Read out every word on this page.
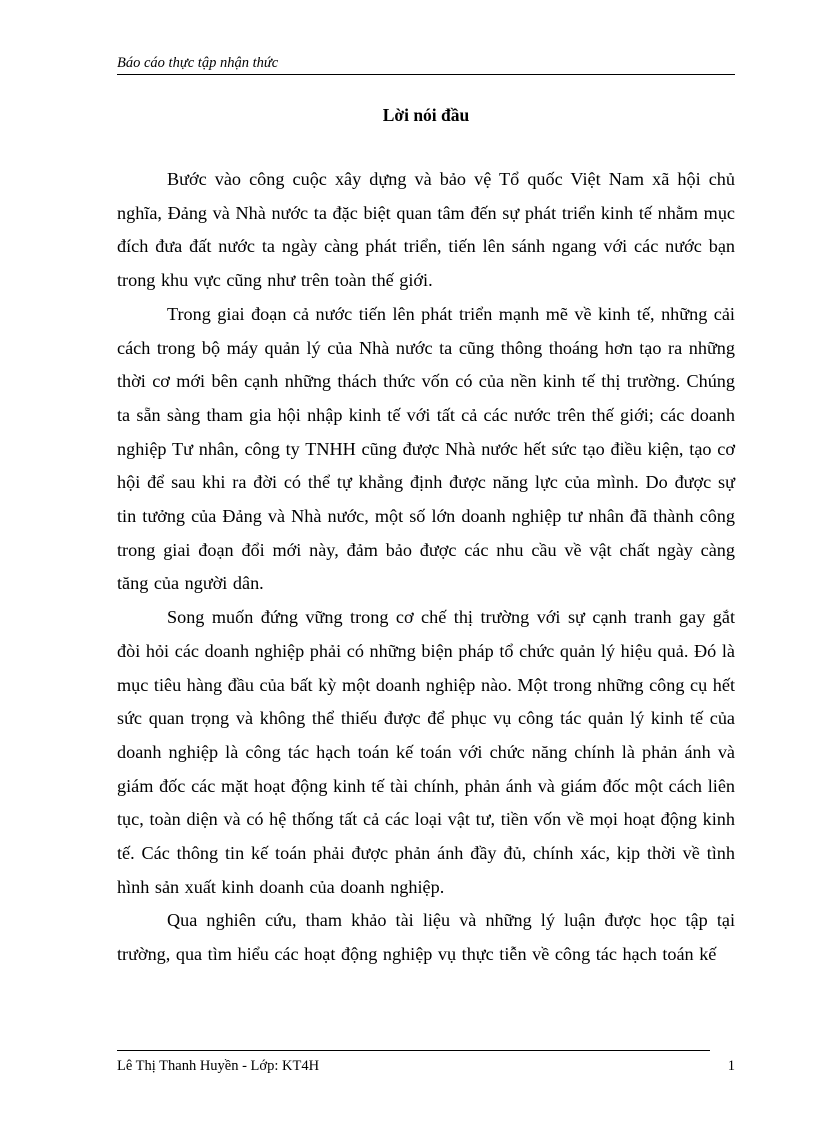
Báo cáo thực tập nhận thức
Lời nói đầu

Bước vào công cuộc xây dựng và bảo vệ Tổ quốc Việt Nam xã hội chủ nghĩa, Đảng và Nhà nước ta đặc biệt quan tâm đến sự phát triển kinh tế nhằm mục đích đưa đất nước ta ngày càng phát triển, tiến lên sánh ngang với các nước bạn trong khu vực cũng như trên toàn thế giới.

Trong giai đoạn cả nước tiến lên phát triển mạnh mẽ về kinh tế, những cải cách trong bộ máy quản lý của Nhà nước ta cũng thông thoáng hơn tạo ra những thời cơ mới bên cạnh những thách thức vốn có của nền kinh tế thị trường. Chúng ta sẵn sàng tham gia hội nhập kinh tế với tất cả các nước trên thế giới; các doanh nghiệp Tư nhân, công ty TNHH cũng được Nhà nước hết sức tạo điều kiện, tạo cơ hội để sau khi ra đời có thể tự khẳng định được năng lực của mình. Do được sự tin tưởng của Đảng và Nhà nước, một số lớn doanh nghiệp tư nhân đã thành công trong giai đoạn đổi mới này, đảm bảo được các nhu cầu về vật chất ngày càng tăng của người dân.

Song muốn đứng vững trong cơ chế thị trường với sự cạnh tranh gay gắt đòi hỏi các doanh nghiệp phải có những biện pháp tổ chức quản lý hiệu quả. Đó là mục tiêu hàng đầu của bất kỳ một doanh nghiệp nào. Một trong những công cụ hết sức quan trọng và không thể thiếu được để phục vụ công tác quản lý kinh tế của doanh nghiệp là công tác hạch toán kế toán với chức năng chính là phản ánh và giám đốc các mặt hoạt động kinh tế tài chính, phản ánh và giám đốc một cách liên tục, toàn diện và có hệ thống tất cả các loại vật tư, tiền vốn về mọi hoạt động kinh tế. Các thông tin kế toán phải được phản ánh đầy đủ, chính xác, kịp thời về tình hình sản xuất kinh doanh của doanh nghiệp.

Qua nghiên cứu, tham khảo tài liệu và những lý luận được học tập tại trường, qua tìm hiểu các hoạt động nghiệp vụ thực tiễn về công tác hạch toán kế

Lê Thị Thanh Huyền - Lớp: KT4H	1
